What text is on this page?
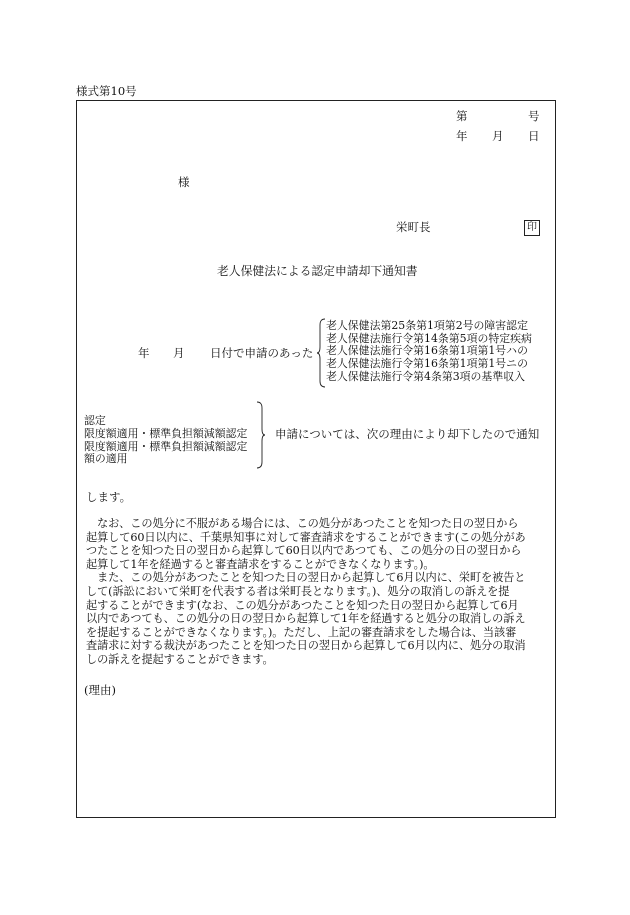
様式第10号
第	号
年 月 日
様
栄町長	印
老人保健法による認定申請却下通知書
年 月 日付で申請のあった
老人保健法第25条第1項第2号の障害認定
老人保健法施行令第14条第5項の特定疾病
老人保健法施行令第16条第1項第1号ハの
老人保健法施行令第16条第1項第1号ニの
老人保健法施行令第4条第3項の基準収入
認定
限度額適用・標準負担額減額認定
限度額適用・標準負担額減額認定
額の適用
申請については、次の理由により却下したので通知
します。
なお、この処分に不服がある場合には、この処分があつたことを知つた日の翌日から
起算して60日以内に、千葉県知事に対して審査請求をすることができます(この処分があ
つたことを知つた日の翌日から起算して60日以内であつても、この処分の日の翌日から
起算して1年を経過すると審査請求をすることができなくなります。)。
また、この処分があつたことを知つた日の翌日から起算して6月以内に、栄町を被告と
して(訴訟において栄町を代表する者は栄町長となります。)、処分の取消しの訴えを提
起することができます(なお、この処分があつたことを知つた日の翌日から起算して6月
以内であつても、この処分の日の翌日から起算して1年を経過すると処分の取消しの訴え
を提起することができなくなります。)。ただし、上記の審査請求をした場合は、当該審
査請求に対する裁決があつたことを知つた日の翌日から起算して6月以内に、処分の取消
しの訴えを提起することができます。
(理由)
